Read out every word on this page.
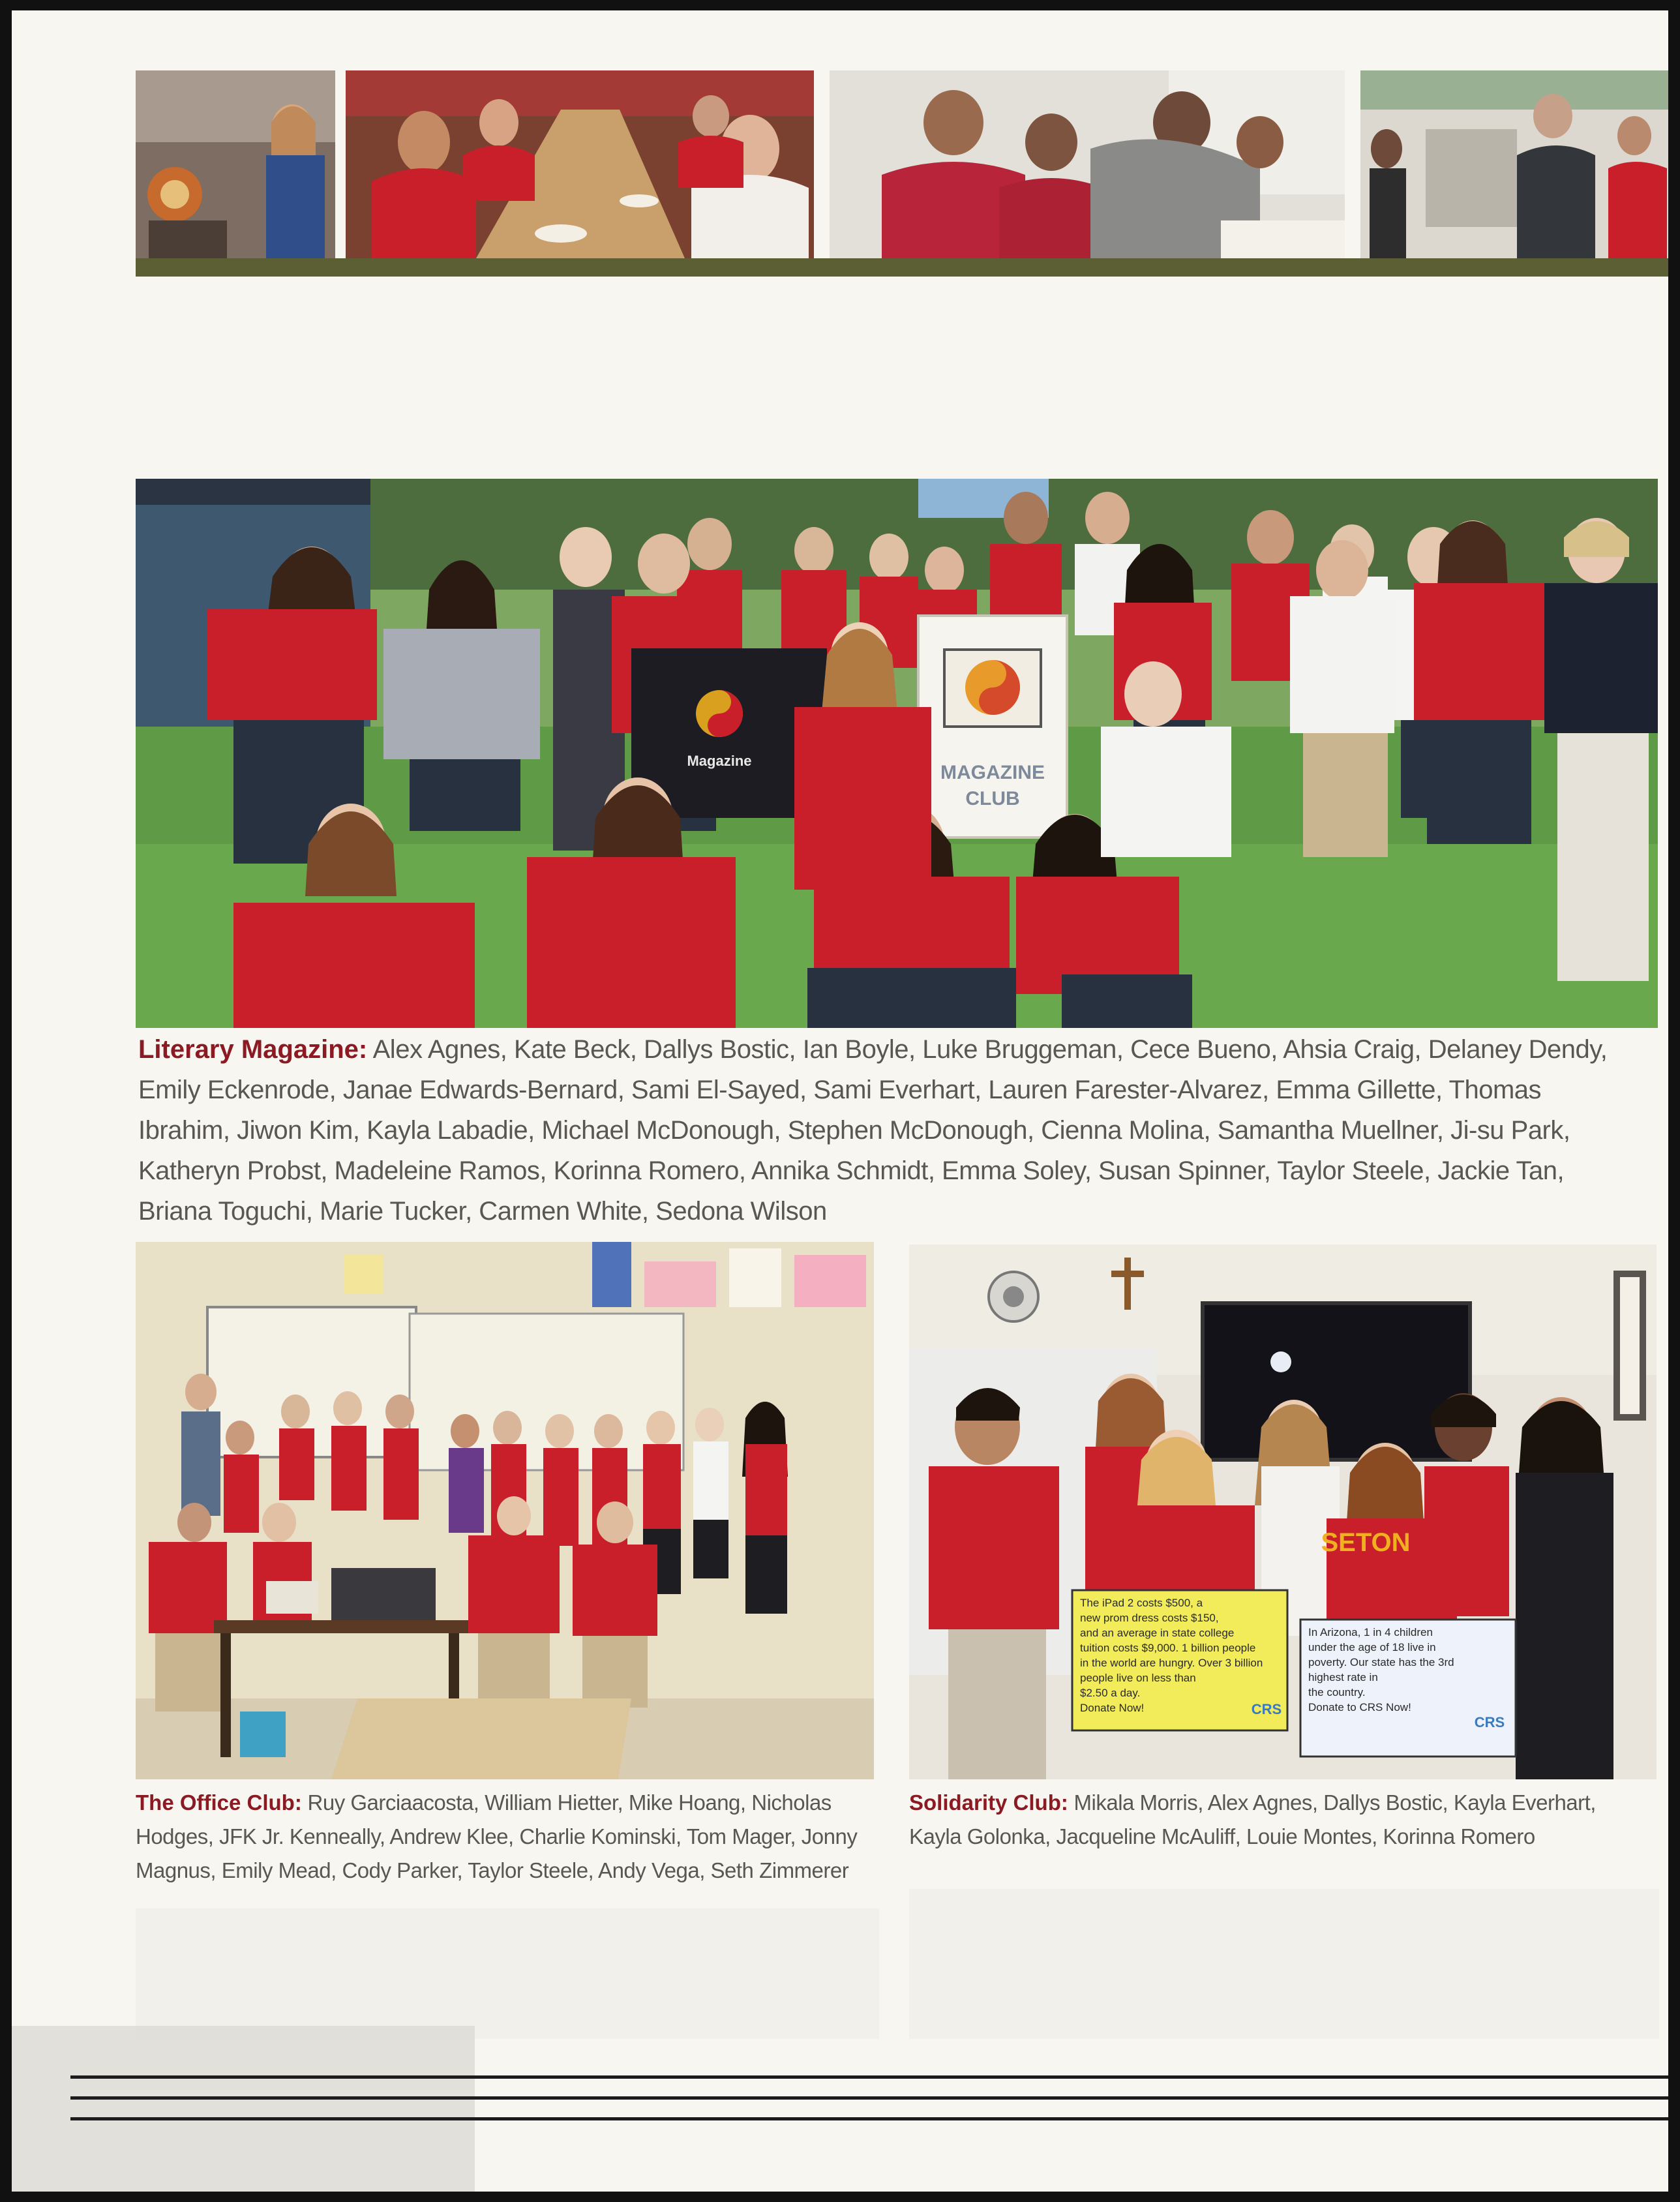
Magazine
MAGAZINE
CLUB
Literary Magazine: Alex Agnes, Kate Beck, Dallys Bostic, Ian Boyle, Luke Bruggeman, Cece Bueno, Ahsia Craig, Delaney Dendy, Emily Eckenrode, Janae Edwards-Bernard, Sami El-Sayed, Sami Everhart, Lauren Farester-Alvarez, Emma Gillette, Thomas Ibrahim, Jiwon Kim, Kayla Labadie, Michael McDonough, Stephen McDonough, Cienna Molina, Samantha Muellner, Ji-su Park, Katheryn Probst, Madeleine Ramos, Korinna Romero, Annika Schmidt, Emma Soley, Susan Spinner, Taylor Steele, Jackie Tan, Briana Toguchi, Marie Tucker, Carmen White, Sedona Wilson
SETON
The iPad 2 costs $500, a
new prom dress costs $150,
and an average in state college
tuition costs $9,000. 1 billion people
in the world are hungry. Over 3 billion
people live on less than
$2.50 a day.
Donate Now!	CRS
In Arizona, 1 in 4 children
under the age of 18 live in
poverty. Our state has the 3rd
highest rate in
the country.
Donate to CRS Now!
CRS
The Office Club: Ruy Garciaacosta, William Hietter, Mike Hoang, Nicholas Hodges, JFK Jr. Kenneally, Andrew Klee, Charlie Kominski, Tom Mager, Jonny Magnus, Emily Mead, Cody Parker, Taylor Steele, Andy Vega, Seth Zimmerer
Solidarity Club: Mikala Morris, Alex Agnes, Dallys Bostic, Kayla Everhart, Kayla Golonka, Jacqueline McAuliff, Louie Montes, Korinna Romero
